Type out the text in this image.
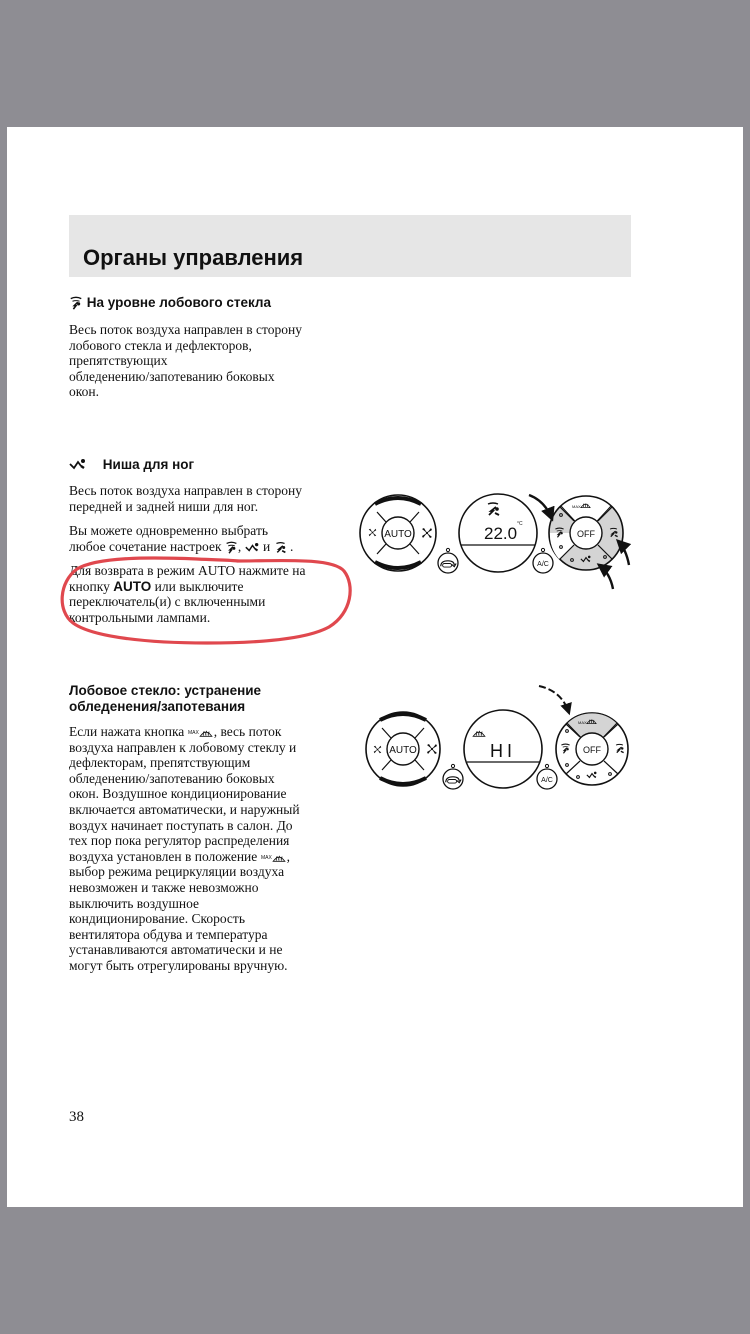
Органы управления
На уровне лобового стекла
Весь поток воздуха направлен в сторону
лобового стекла и дефлекторов,
препятствующих
обледенению/запотеванию боковых
окон.
Ниша для ног
Весь поток воздуха направлен в сторону
передней и задней ниши для ног.
Вы можете одновременно выбрать
любое сочетание настроек , и .
Для возврата в режим AUTO нажмите на
кнопку AUTO или выключите
переключатель(и) с включенными
контрольными лампами.
Лобовое стекло: устранение
обледенения/запотевания
Если нажата кнопка MAX , весь поток
воздуха направлен к лобовому стеклу и
дефлекторам, препятствующим
обледенению/запотеванию боковых
окон. Воздушное кондиционирование
включается автоматически, и наружный
воздух начинает поступать в салон. До
тех пор пока регулятор распределения
воздуха установлен в положение MAX ,
выбор режима рециркуляции воздуха
невозможен и также невозможно
выключить воздушное
кондиционирование. Скорость
вентилятора обдува и температура
устанавливаются автоматически и не
могут быть отрегулированы вручную.
AUTO	22.0 °C
A/C
OFF
MAX
AUTO	HI
A/C
OFF
MAX
38
